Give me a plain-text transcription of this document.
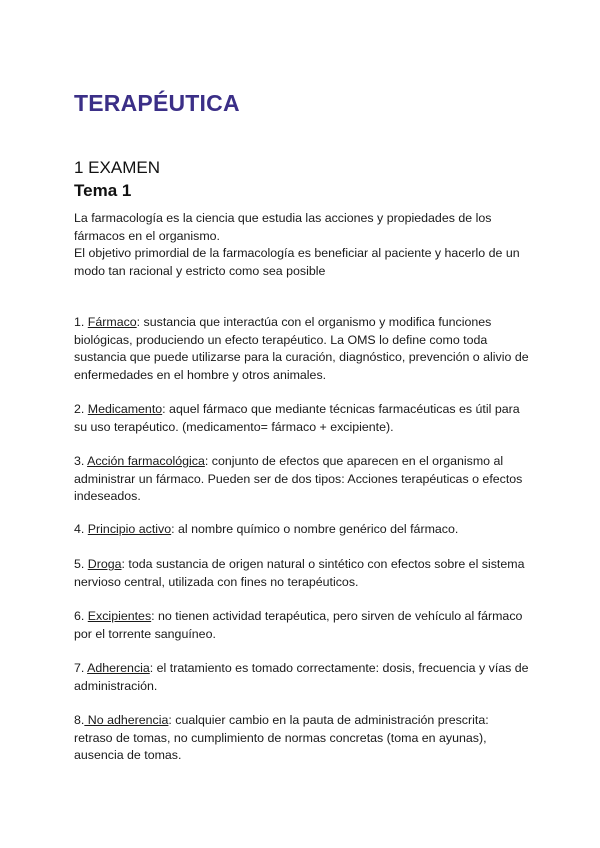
TERAPÉUTICA
1 EXAMEN
Tema 1

La farmacología es la ciencia que estudia las acciones y propiedades de los fármacos en el organismo.
El objetivo primordial de la farmacología es beneficiar al paciente y hacerlo de un modo tan racional y estricto como sea posible

1. Fármaco: sustancia que interactúa con el organismo y modifica funciones biológicas, produciendo un efecto terapéutico. La OMS lo define como toda sustancia que puede utilizarse para la curación, diagnóstico, prevención o alivio de enfermedades en el hombre y otros animales.

2. Medicamento: aquel fármaco que mediante técnicas farmacéuticas es útil para su uso terapéutico. (medicamento= fármaco + excipiente).

3. Acción farmacológica: conjunto de efectos que aparecen en el organismo al administrar un fármaco. Pueden ser de dos tipos: Acciones terapéuticas o efectos indeseados.

4. Principio activo: al nombre químico o nombre genérico del fármaco.

5. Droga: toda sustancia de origen natural o sintético con efectos sobre el sistema nervioso central, utilizada con fines no terapéuticos.

6. Excipientes: no tienen actividad terapéutica, pero sirven de vehículo al fármaco por el torrente sanguíneo.

7. Adherencia: el tratamiento es tomado correctamente: dosis, frecuencia y vías de administración.

8. No adherencia: cualquier cambio en la pauta de administración prescrita: retraso de tomas, no cumplimiento de normas concretas (toma en ayunas), ausencia de tomas.
